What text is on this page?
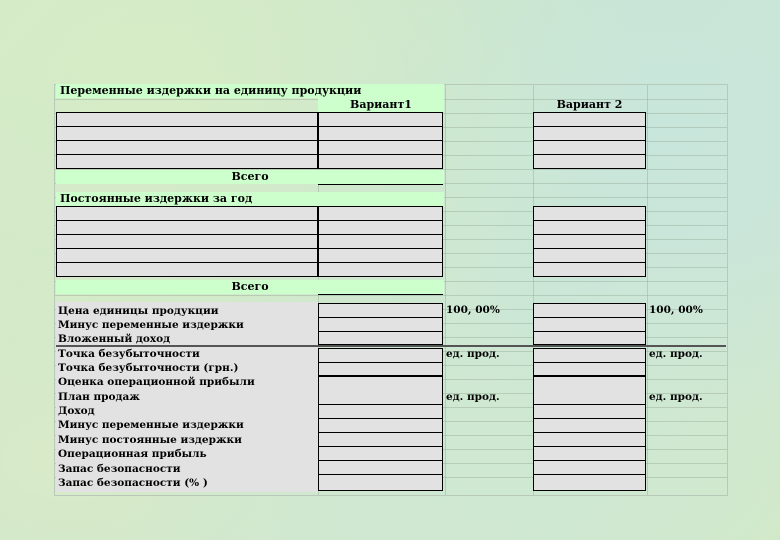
Переменные издержки на единицу продукции
Вариант1	Вариант 2
Всего
Постоянные издержки за год
Всего
Цена единицы продукции
Минус переменные издержки
Вложенный доход
Точка безубыточности
Точка безубыточности (грн.)
Оценка операционной прибыли
План продаж
Доход
Минус переменные издержки
Минус постоянные издержки
Операционная прибыль
Запас безопасности
Запас безопасности (% )
100, 00%
ед. прод.
ед. прод.
100, 00%
ед. прод.
ед. прод.
